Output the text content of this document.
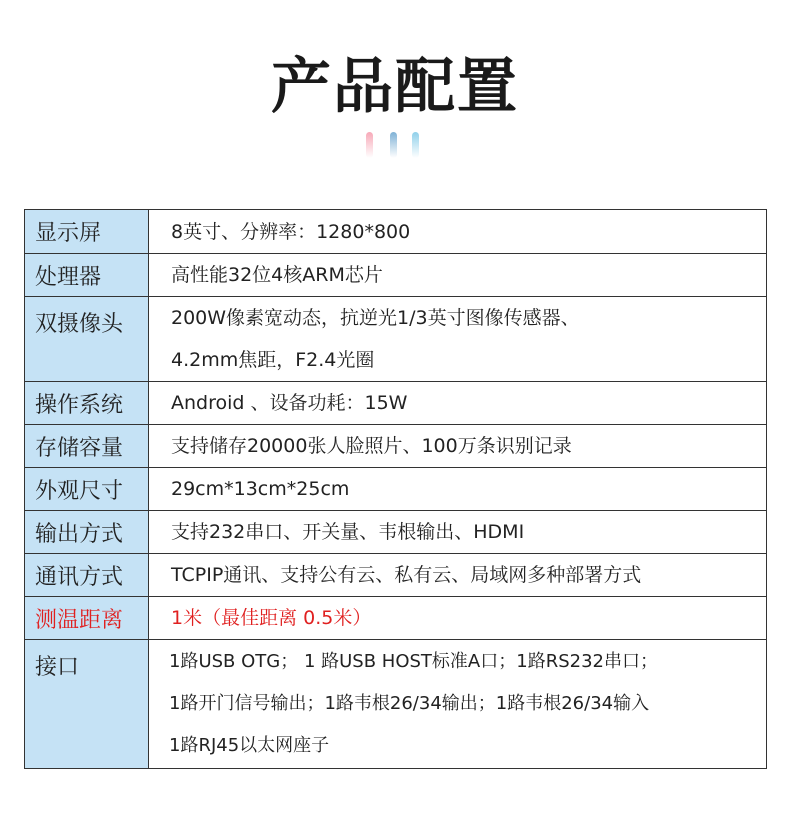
产品配置
显示屏	8英寸、分辨率：1280*800

处理器	高性能32位4核ARM芯片

双摄像头	200W像素宽动态，抗逆光1/3英寸图像传感器、
4.2mm焦距，F2.4光圈

操作系统	Android 、设备功耗：15W

存储容量	支持储存20000张人脸照片、100万条识别记录

外观尺寸	29cm*13cm*25cm

输出方式	支持232串口、开关量、韦根输出、HDMI

通讯方式	TCPIP通讯、支持公有云、私有云、局域网多种部署方式

测温距离	1米（最佳距离 0.5米）

接口	1路USB OTG； 1 路USB HOST标准A口；1路RS232串口；
1路开门信号输出；1路韦根26/34输出；1路韦根26/34输入
1路RJ45以太网座子
